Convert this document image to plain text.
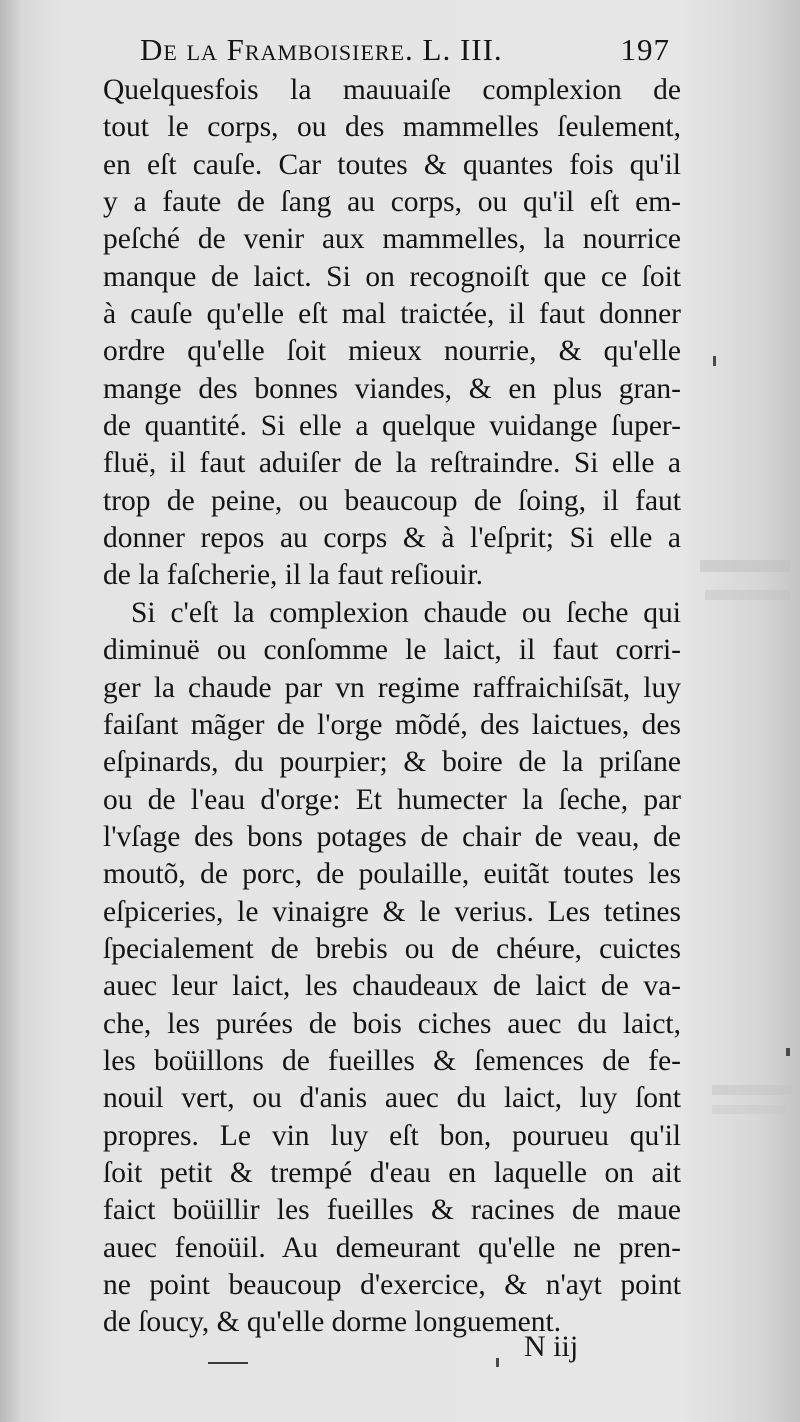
De la Framboisiere. L. III.	197
Quelquesfois la mauuaiſe complexion de
tout le corps, ou des mammelles ſeulement,
en eſt cauſe. Car toutes & quantes fois qu'il
y a faute de ſang au corps, ou qu'il eſt em-
peſché de venir aux mammelles, la nourrice
manque de laict. Si on recognoiſt que ce ſoit
à cauſe qu'elle eſt mal traictée, il faut donner
ordre qu'elle ſoit mieux nourrie, & qu'elle
mange des bonnes viandes, & en plus gran-
de quantité. Si elle a quelque vuidange ſuper-
fluë, il faut aduiſer de la reſtraindre. Si elle a
trop de peine, ou beaucoup de ſoing, il faut
donner repos au corps & à l'eſprit; Si elle a
de la faſcherie, il la faut reſiouir.
Si c'eſt la complexion chaude ou ſeche qui
diminuë ou conſomme le laict, il faut corri-
ger la chaude par vn regime raffraichiſsāt, luy
faiſant mãger de l'orge mõdé, des laictues, des
eſpinards, du pourpier; & boire de la priſane
ou de l'eau d'orge: Et humecter la ſeche, par
l'vſage des bons potages de chair de veau, de
moutõ, de porc, de poulaille, euitãt toutes les
eſpiceries, le vinaigre & le verius. Les tetines
ſpecialement de brebis ou de chéure, cuictes
auec leur laict, les chaudeaux de laict de va-
che, les purées de bois ciches auec du laict,
les boüillons de fueilles & ſemences de fe-
nouil vert, ou d'anis auec du laict, luy ſont
propres. Le vin luy eſt bon, pourueu qu'il
ſoit petit & trempé d'eau en laquelle on ait
faict boüillir les fueilles & racines de maue
auec fenoüil. Au demeurant qu'elle ne pren-
ne point beaucoup d'exercice, & n'ayt point
de ſoucy, & qu'elle dorme longuement.
N iij
